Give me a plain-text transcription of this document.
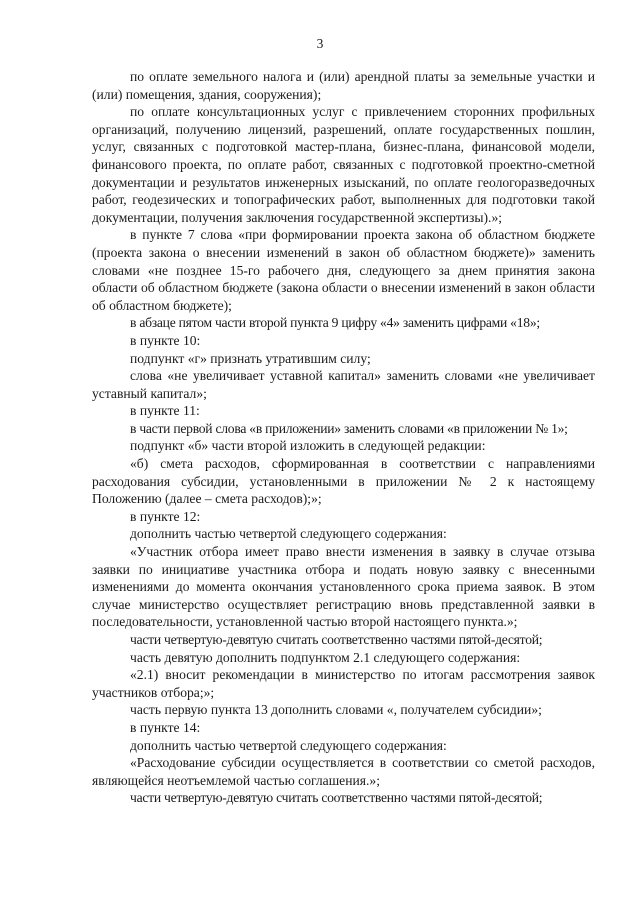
3

по оплате земельного налога и (или) арендной платы за земельные участки и (или) помещения, здания, сооружения);

по оплате консультационных услуг с привлечением сторонних профильных организаций, получению лицензий, разрешений, оплате государственных пошлин, услуг, связанных с подготовкой мастер-плана, бизнес-плана, финансовой модели, финансового проекта, по оплате работ, связанных с подготовкой проектно-сметной документации и результатов инженерных изысканий, по оплате геологоразведочных работ, геодезических и топографических работ, выполненных для подготовки такой документации, получения заключения государственной экспертизы).»;

в пункте 7 слова «при формировании проекта закона об областном бюджете (проекта закона о внесении изменений в закон об областном бюджете)» заменить словами «не позднее 15-го рабочего дня, следующего за днем принятия закона области об областном бюджете (закона области о внесении изменений в закон области об областном бюджете);

в абзаце пятом части второй пункта 9 цифру «4» заменить цифрами «18»;

в пункте 10:

подпункт «г» признать утратившим силу;

слова «не увеличивает уставной капитал» заменить словами «не увеличивает уставный капитал»;

в пункте 11:

в части первой слова «в приложении» заменить словами «в приложении № 1»;

подпункт «б» части второй изложить в следующей редакции:

«б) смета расходов, сформированная в соответствии с направлениями расходования субсидии, установленными в приложении № 2 к настоящему Положению (далее – смета расходов);»;

в пункте 12:

дополнить частью четвертой следующего содержания:

«Участник отбора имеет право внести изменения в заявку в случае отзыва заявки по инициативе участника отбора и подать новую заявку с внесенными изменениями до момента окончания установленного срока приема заявок. В этом случае министерство осуществляет регистрацию вновь представленной заявки в последовательности, установленной частью второй настоящего пункта.»;

части четвертую-девятую считать соответственно частями пятой-десятой;

часть девятую дополнить подпунктом 2.1 следующего содержания:

«2.1) вносит рекомендации в министерство по итогам рассмотрения заявок участников отбора;»;

часть первую пункта 13 дополнить словами «, получателем субсидии»;

в пункте 14:

дополнить частью четвертой следующего содержания:

«Расходование субсидии осуществляется в соответствии со сметой расходов, являющейся неотъемлемой частью соглашения.»;

части четвертую-девятую считать соответственно частями пятой-десятой;
